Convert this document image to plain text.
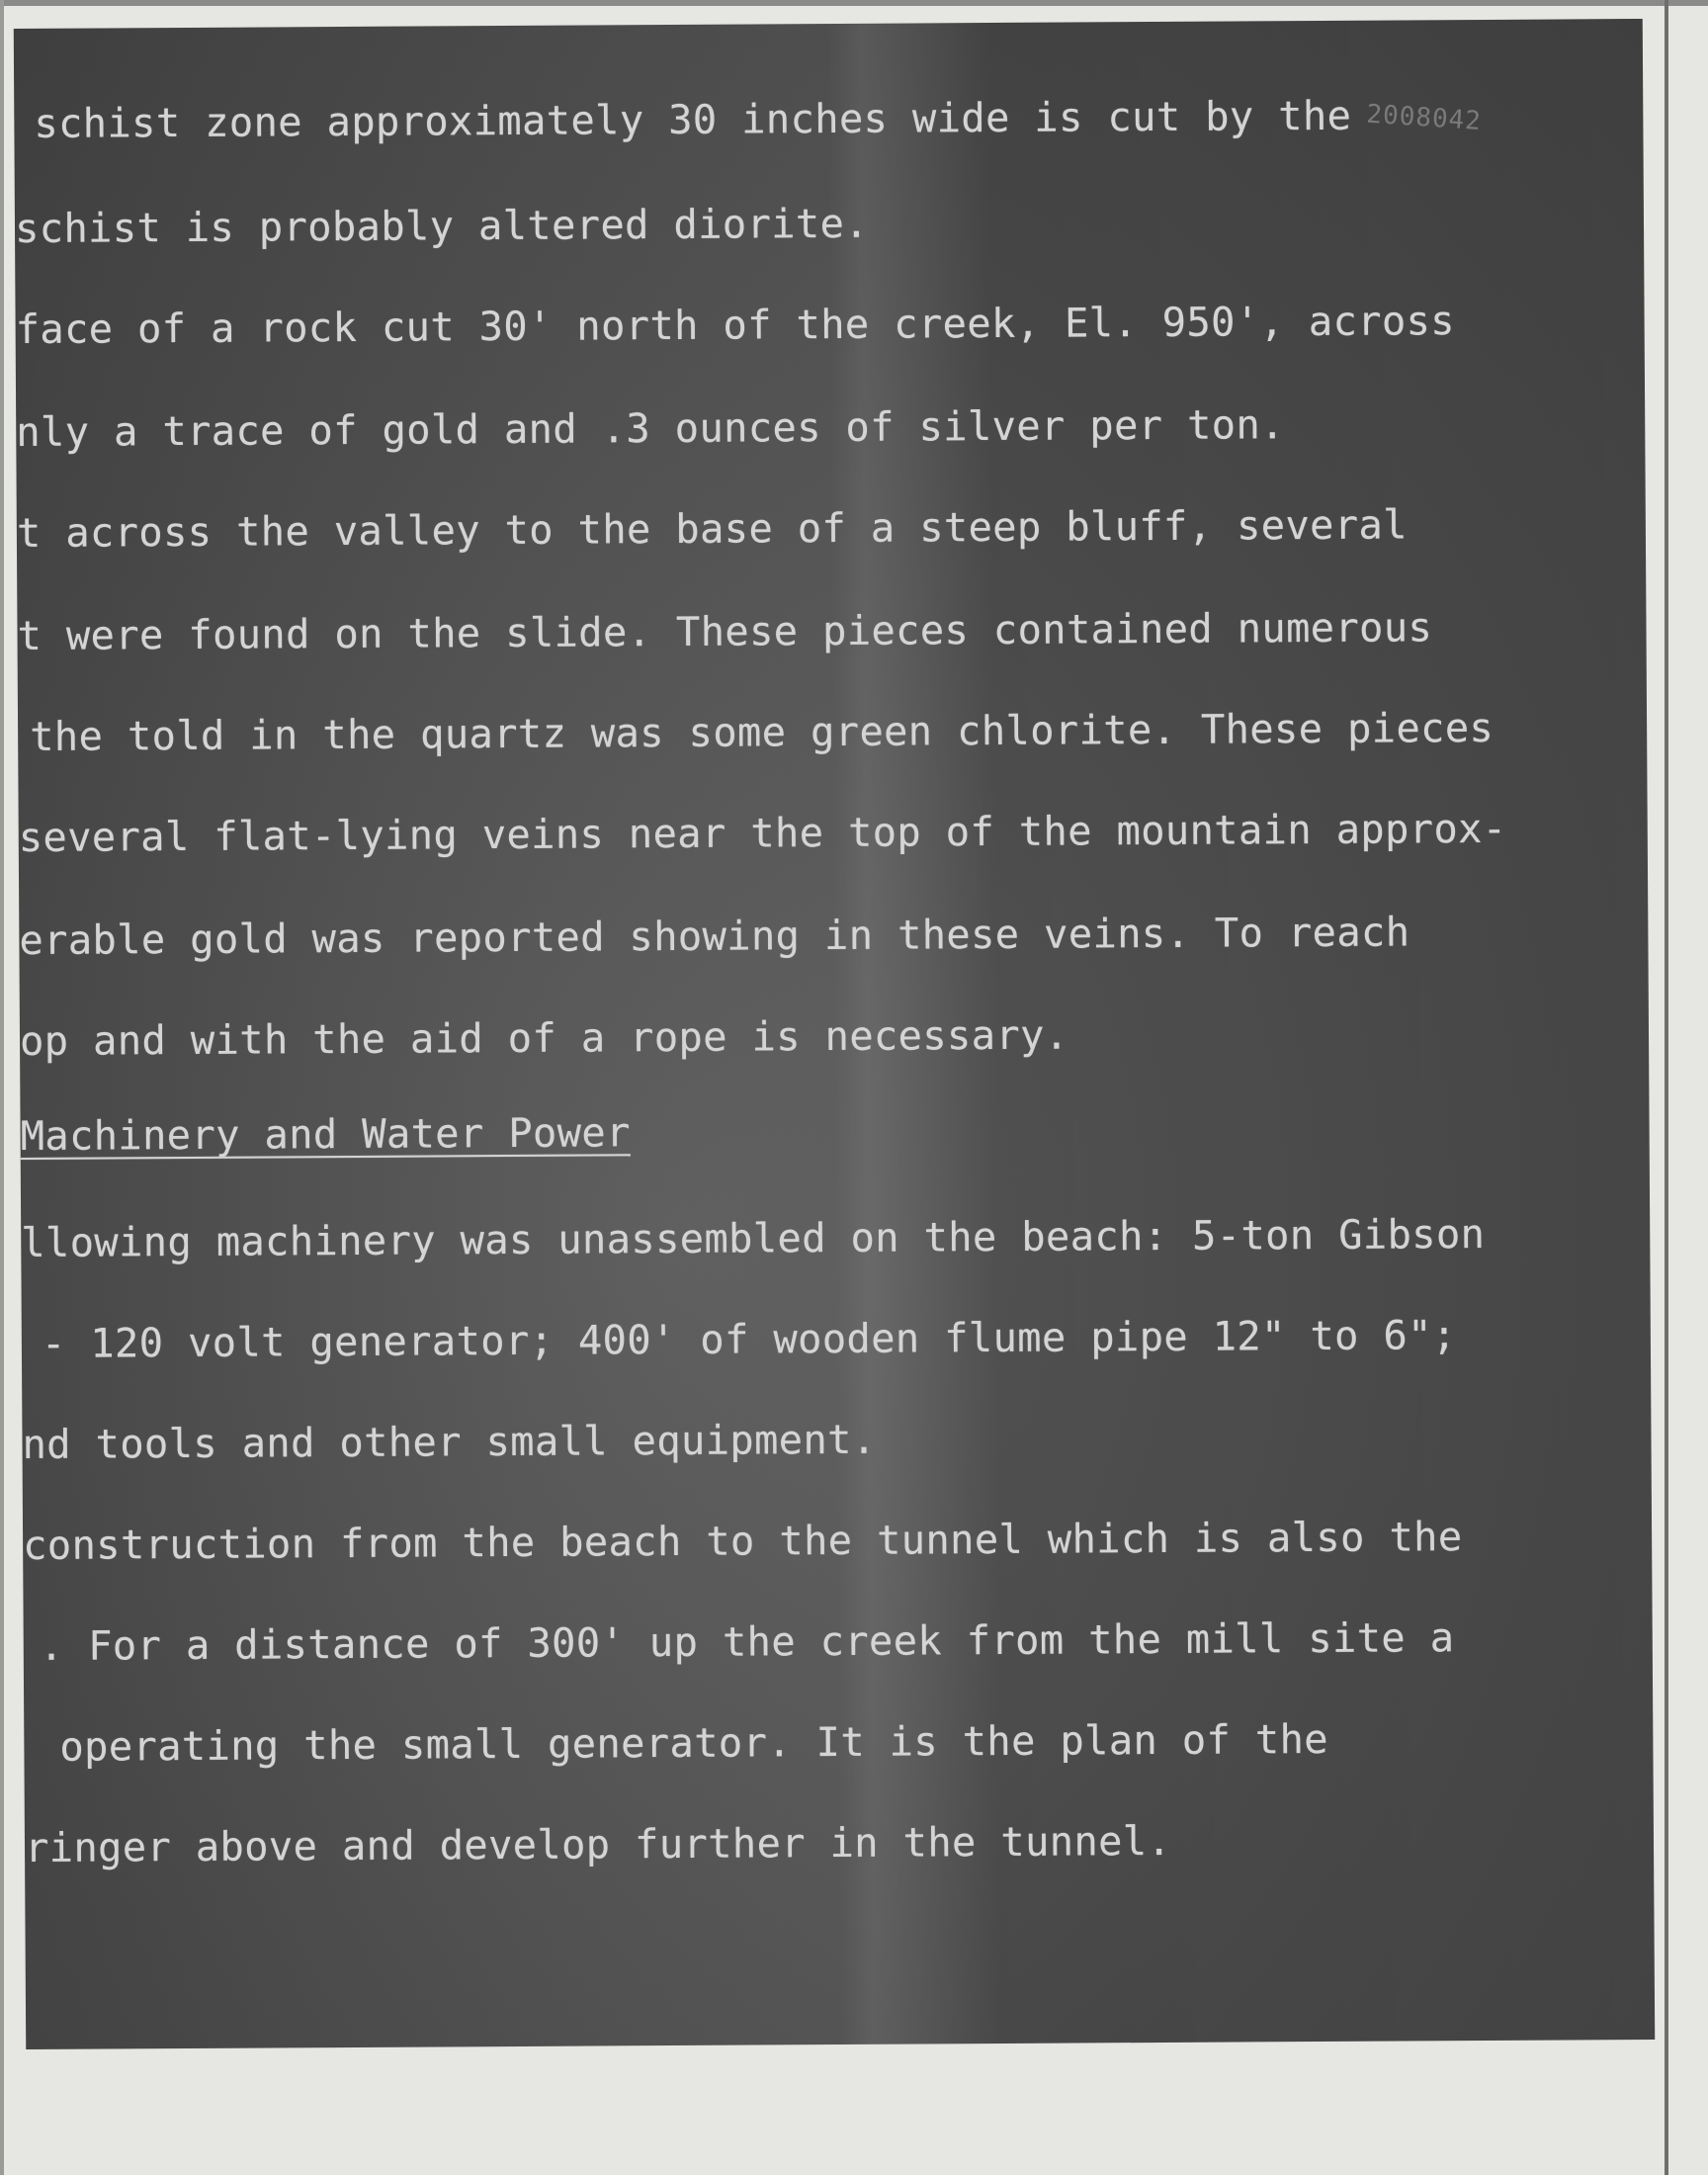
2008042
schist zone approximately 30 inches wide is cut by the
schist is probably altered diorite.
face of a rock cut 30' north of the creek, El. 950', across
nly a trace of gold and .3 ounces of silver per ton.
t across the valley to the base of a steep bluff, several
t were found on the slide. These pieces contained numerous
the told in the quartz was some green chlorite. These pieces
several flat-lying veins near the top of the mountain approx-
erable gold was reported showing in these veins. To reach
op and with the aid of a rope is necessary.
Machinery and Water Power
llowing machinery was unassembled on the beach: 5-ton Gibson
- 120 volt generator; 400' of wooden flume pipe 12" to 6";
nd tools and other small equipment.
construction from the beach to the tunnel which is also the
. For a distance of 300' up the creek from the mill site a
operating the small generator. It is the plan of the
ringer above and develop further in the tunnel.
